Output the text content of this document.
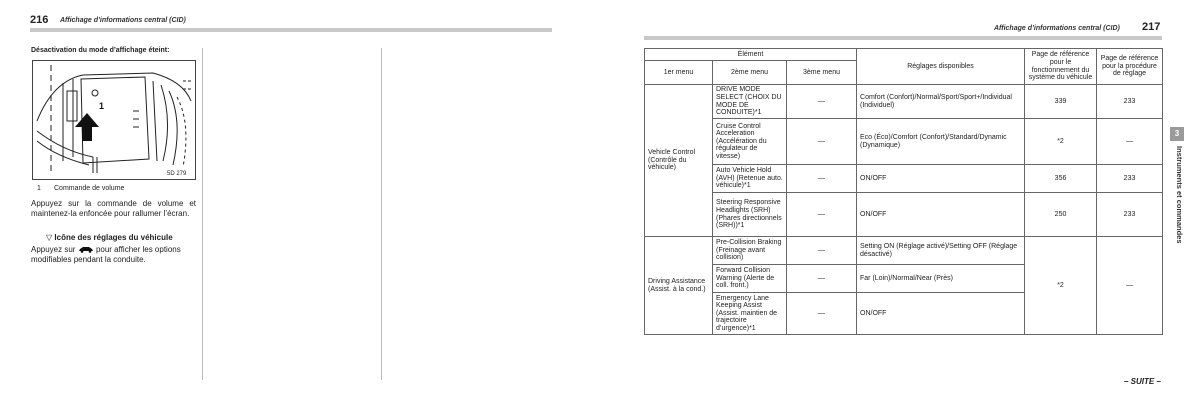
216 Affichage d’informations central (CID)
Désactivation du mode d’affichage éteint:
1
5D 279
1 Commande de volume
Appuyez sur la commande de volume et maintenez-la enfoncée pour rallumer l’écran.
▽ Icône des réglages du véhicule
Appuyez sur	pour afficher les options modifiables pendant la conduite.
Affichage d’informations central (CID) 217
Élément			Réglages disponibles	Page de référence pour le fonctionnement du système du véhicule	Page de référence pour la procédure de réglage
1er menu	2ème menu	3ème menu			
Vehicle Control (Contrôle du véhicule)	DRIVE MODE SELECT (CHOIX DU MODE DE CONDUITE)*1	—	Comfort (Confort)/Normal/Sport/Sport+/Individual (Individuel)	339	233
	Cruise Control Acceleration (Accélération du régulateur de vitesse)	—	Eco (Éco)/Comfort (Confort)/Standard/Dynamic (Dynamique)	*2	—
	Auto Vehicle Hold (AVH) (Retenue auto. véhicule)*1	—	ON/OFF	356	233
	Steering Responsive Headlights (SRH) (Phares directionnels (SRH))*1	—	ON/OFF	250	233
Driving Assistance (Assist. à la cond.)	Pre-Collision Braking (Freinage avant collision)	—	Setting ON (Réglage activé)/Setting OFF (Réglage désactivé)	*2	—
	Forward Collision Warning (Alerte de coll. front.)	—	Far (Loin)/Normal/Near (Près)		
	Emergency Lane Keeping Assist (Assist. maintien de trajectoire d’urgence)*1	—	ON/OFF		
3
Instruments et commandes
– SUITE –
